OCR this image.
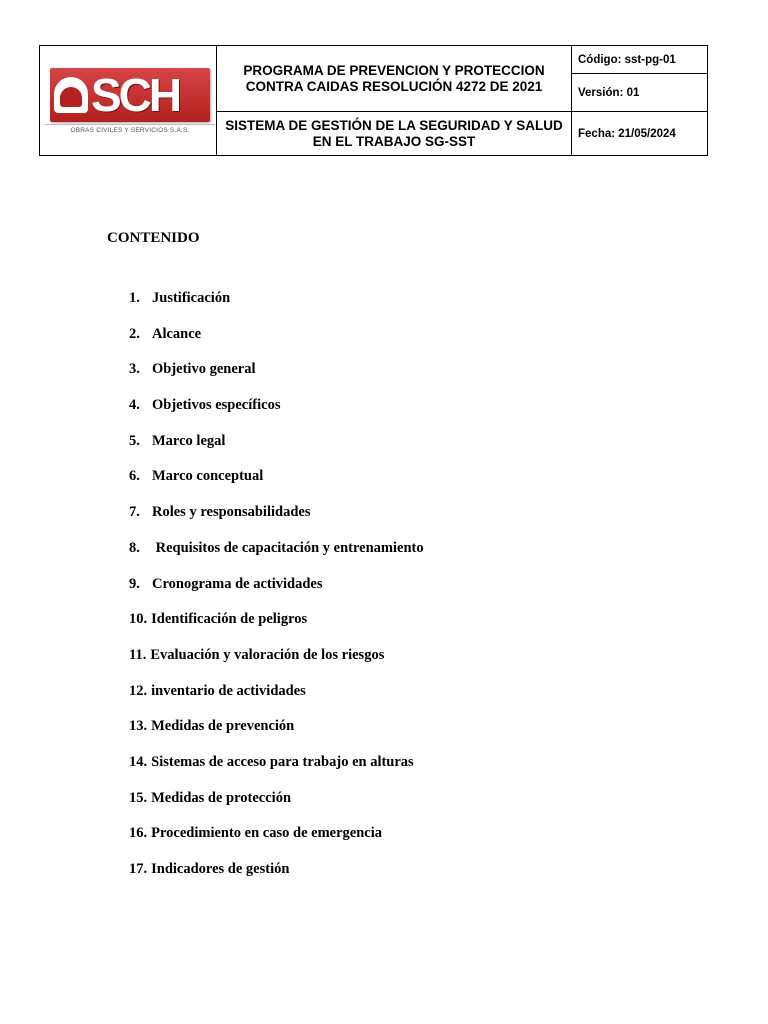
SCH
OBRAS CIVILES Y SERVICIOS S.A.S.	PROGRAMA DE PREVENCION Y PROTECCION CONTRA CAIDAS RESOLUCIÓN 4272 DE 2021	Código: sst-pg-01
		Versión: 01
	SISTEMA DE GESTIÓN DE LA SEGURIDAD Y SALUD EN EL TRABAJO SG-SST	Fecha: 21/05/2024

CONTENIDO

1. Justificación
2. Alcance
3. Objetivo general
4. Objetivos específicos
5. Marco legal
6. Marco conceptual
7. Roles y responsabilidades
8. Requisitos de capacitación y entrenamiento
9. Cronograma de actividades
10. Identificación de peligros
11. Evaluación y valoración de los riesgos
12. inventario de actividades
13. Medidas de prevención
14. Sistemas de acceso para trabajo en alturas
15. Medidas de protección
16. Procedimiento en caso de emergencia
17. Indicadores de gestión
